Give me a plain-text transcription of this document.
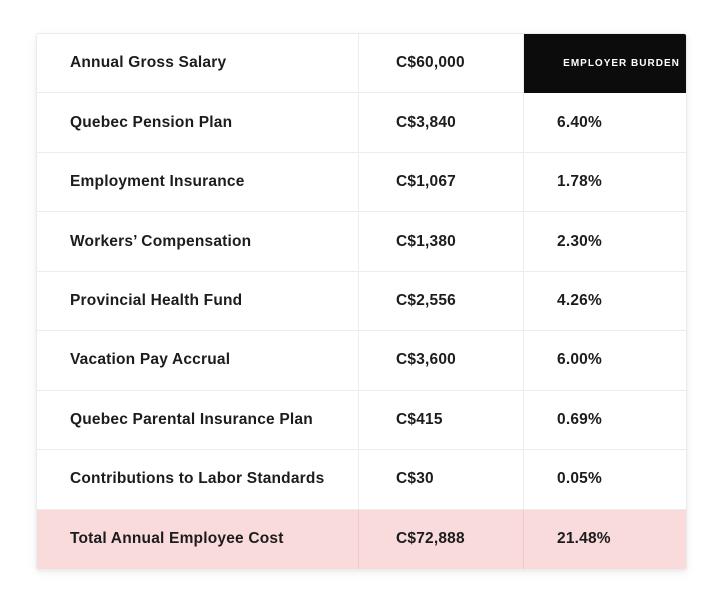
Annual Gross Salary	C$60,000	EMPLOYER BURDEN
Quebec Pension Plan	C$3,840	6.40%
Employment Insurance	C$1,067	1.78%
Workers’ Compensation	C$1,380	2.30%
Provincial Health Fund	C$2,556	4.26%
Vacation Pay Accrual	C$3,600	6.00%
Quebec Parental Insurance Plan	C$415	0.69%
Contributions to Labor Standards	C$30	0.05%
Total Annual Employee Cost	C$72,888	21.48%
